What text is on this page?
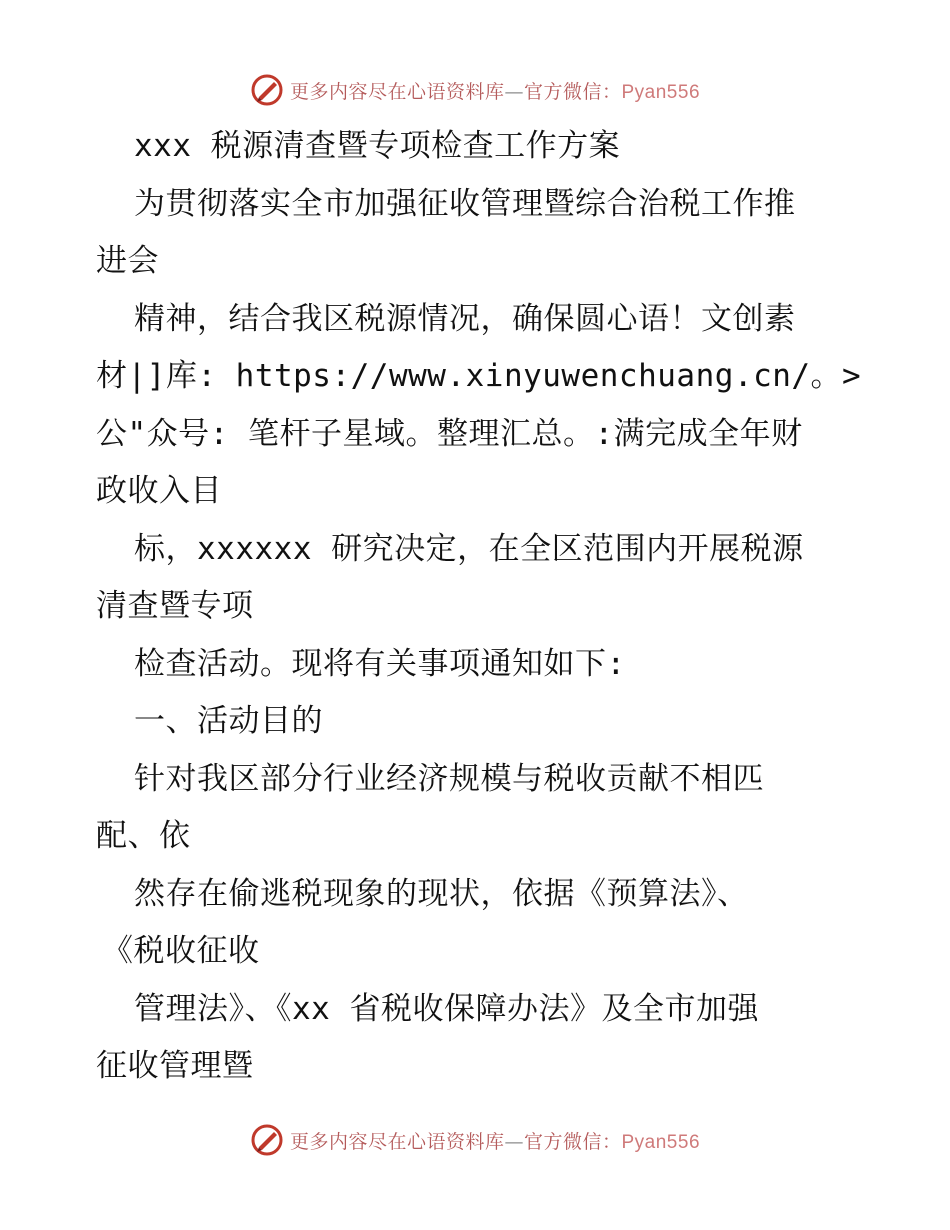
更多内容尽在心语资料库—官方微信：Pyan556
xxx 税源清查暨专项检查工作方案
为贯彻落实全市加强征收管理暨综合治税工作推
进会
精神，结合我区税源情况，确保圆心语！文创素
材|]库: https://www.xinyuwenchuang.cn/。>
公"众号: 笔杆子星域。整理汇总。:满完成全年财
政收入目
标，xxxxxx 研究决定，在全区范围内开展税源
清查暨专项
检查活动。现将有关事项通知如下:
一、活动目的
针对我区部分行业经济规模与税收贡献不相匹
配、依
然存在偷逃税现象的现状，依据《预算法》、
《税收征收
管理法》、《xx 省税收保障办法》及全市加强
征收管理暨
更多内容尽在心语资料库—官方微信：Pyan556
